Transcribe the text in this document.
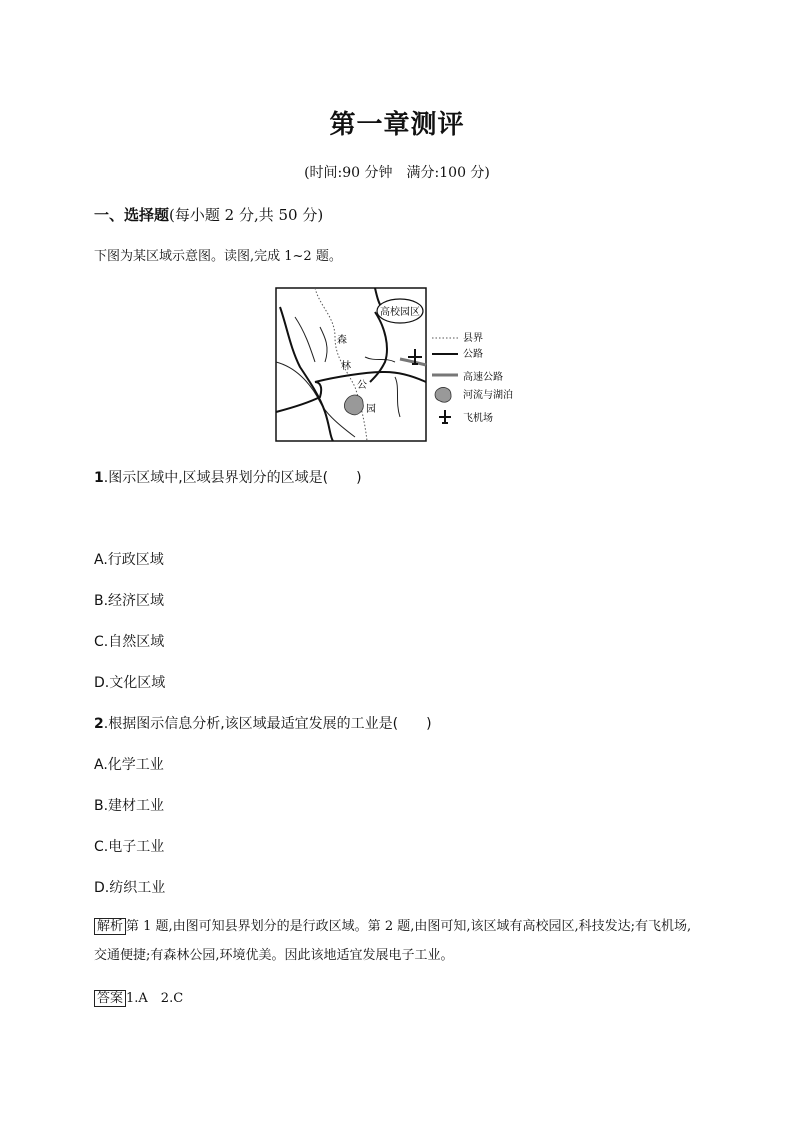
第一章测评
(时间:90 分钟　满分:100 分)
一、选择题(每小题 2 分,共 50 分)
下图为某区域示意图。读图,完成 1~2 题。
高校园区
森
林
公
园
县界
公路
高速公路
河流与湖泊
飞机场
1.图示区域中,区域县界划分的区域是(　　)
A.行政区域
B.经济区域
C.自然区域
D.文化区域
2.根据图示信息分析,该区域最适宜发展的工业是(　　)
A.化学工业
B.建材工业
C.电子工业
D.纺织工业
解析 第 1 题,由图可知县界划分的是行政区域。第 2 题,由图可知,该区域有高校园区,科技发达;有飞机场,交通便捷;有森林公园,环境优美。因此该地适宜发展电子工业。
答案 1.A　2.C
